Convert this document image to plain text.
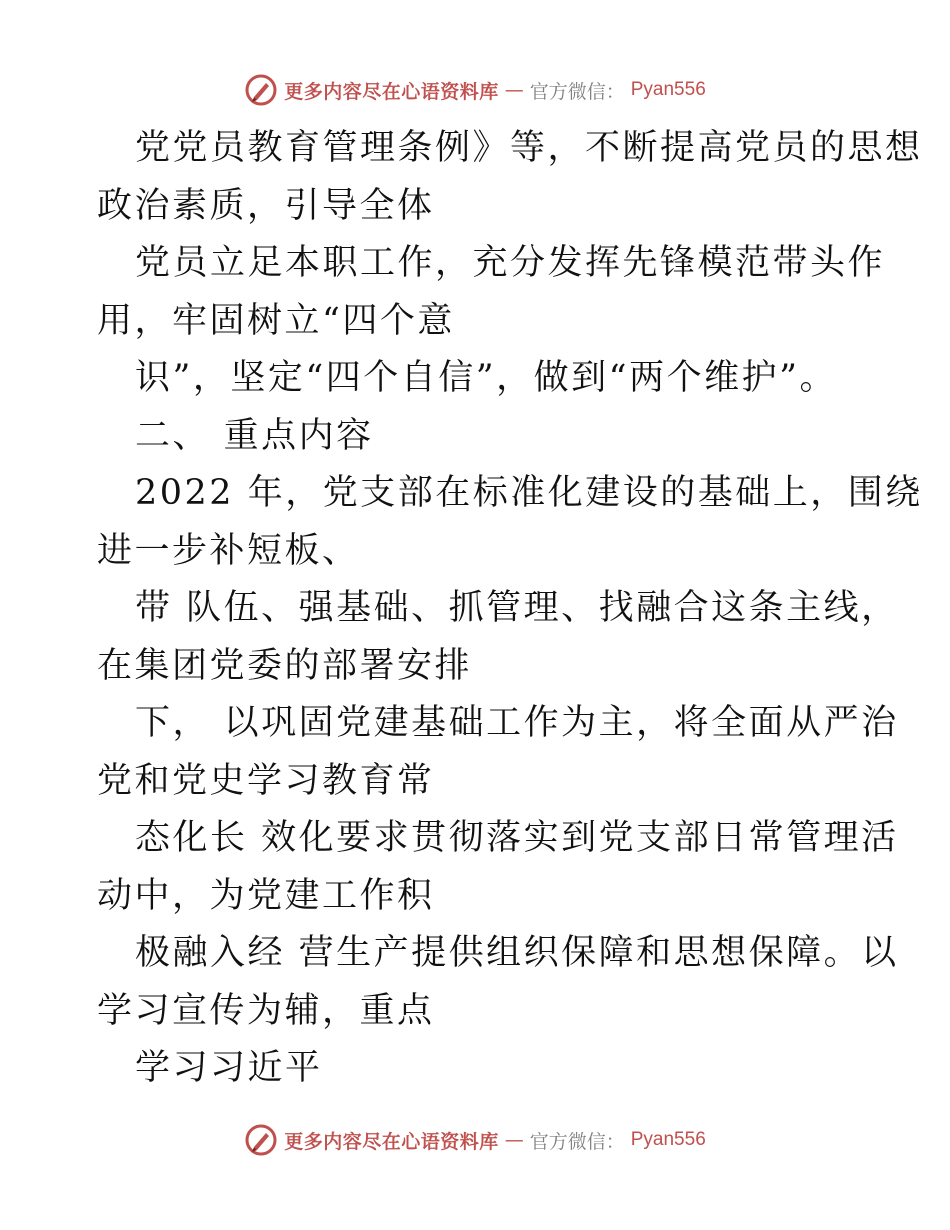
更多内容尽在心语资料库 — 官方微信： Pyan556
党党员教育管理条例》等，不断提高党员的思想
政治素质，引导全体
党员立足本职工作，充分发挥先锋模范带头作
用，牢固树立“四个意
识”，坚定“四个自信”，做到“两个维护”。
二、 重点内容
2022 年，党支部在标准化建设的基础上，围绕
进一步补短板、
带 队伍、强基础、抓管理、找融合这条主线，
在集团党委的部署安排
下， 以巩固党建基础工作为主，将全面从严治
党和党史学习教育常
态化长 效化要求贯彻落实到党支部日常管理活
动中，为党建工作积
极融入经 营生产提供组织保障和思想保障。以
学习宣传为辅，重点
学习习近平
更多内容尽在心语资料库 — 官方微信： Pyan556
